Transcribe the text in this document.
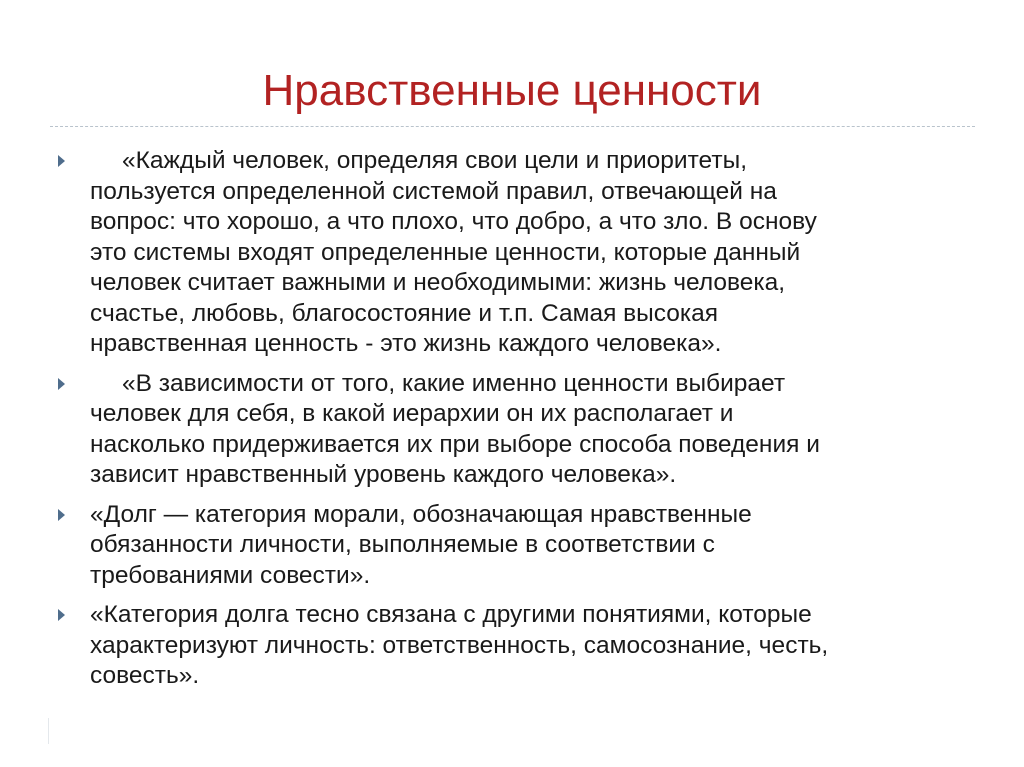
Нравственные ценности
«Каждый человек, определяя свои цели и приоритеты,
пользуется определенной системой правил, отвечающей на
вопрос: что хорошо, а что плохо, что добро, а что зло. В основу
это системы входят определенные ценности, которые данный
человек считает важными и необходимыми: жизнь человека,
счастье, любовь, благосостояние и т.п. Самая высокая
нравственная ценность - это жизнь каждого человека».
«В зависимости от того, какие именно ценности выбирает
человек для себя, в какой иерархии он их располагает и
насколько придерживается их при выборе способа поведения и
зависит нравственный уровень каждого человека».
«Долг — категория морали, обозначающая нравственные
обязанности личности, выполняемые в соответствии с
требованиями совести».
«Категория долга тесно связана с другими понятиями, которые
характеризуют личность: ответственность, самосознание, честь,
совесть».
